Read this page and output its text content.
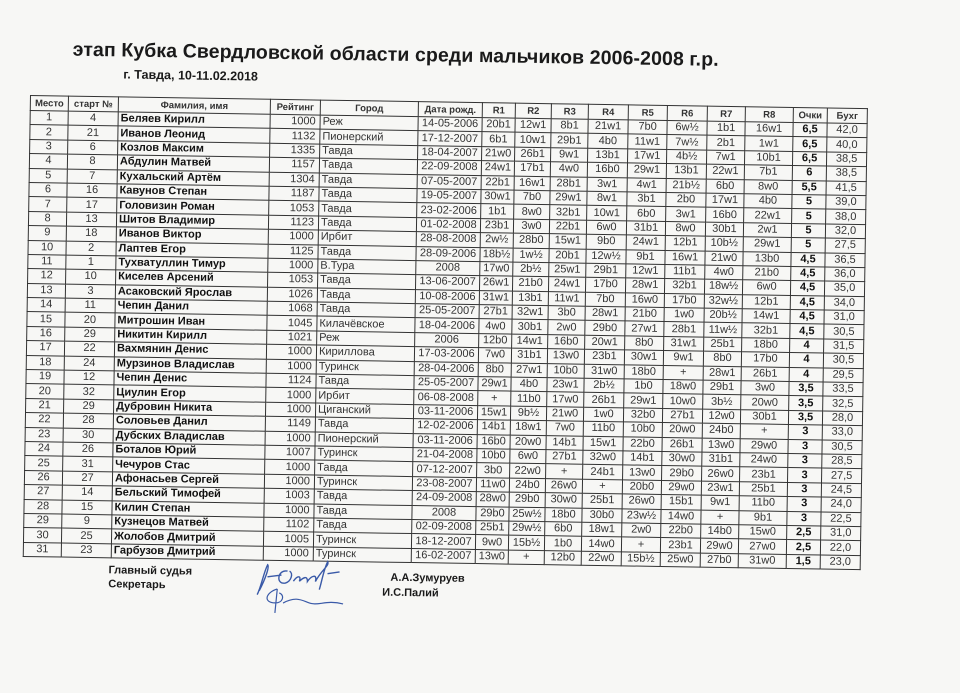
этап Кубка Свердловской области среди мальчиков 2006-2008 г.р.
г. Тавда, 10-11.02.2018
Место	старт №	Фамилия, имя	Рейтинг	Город	Дата рожд.	R1	R2	R3	R4	R5	R6	R7	R8	Очки	Бухг
1	4	Беляев Кирилл	1000	Реж	14-05-2006	20b1	12w1	8b1	21w1	7b0	6w½	1b1	16w1	6,5	42,0
2	21	Иванов Леонид	1132	Пионерский	17-12-2007	6b1	10w1	29b1	4b0	11w1	7w½	2b1	1w1	6,5	40,0
3	6	Козлов Максим	1335	Тавда	18-04-2007	21w0	26b1	9w1	13b1	17w1	4b½	7w1	10b1	6,5	38,5
4	8	Абдулин Матвей	1157	Тавда	22-09-2008	24w1	17b1	4w0	16b0	29w1	13b1	22w1	7b1	6	38,5
5	7	Кухальский Артём	1304	Тавда	07-05-2007	22b1	16w1	28b1	3w1	4w1	21b½	6b0	8w0	5,5	41,5
6	16	Кавунов Степан	1187	Тавда	19-05-2007	30w1	7b0	29w1	8w1	3b1	2b0	17w1	4b0	5	39,0
7	17	Головизин Роман	1053	Тавда	23-02-2006	1b1	8w0	32b1	10w1	6b0	3w1	16b0	22w1	5	38,0
8	13	Шитов Владимир	1123	Тавда	01-02-2008	23b1	3w0	22b1	6w0	31b1	8w0	30b1	2w1	5	32,0
9	18	Иванов Виктор	1000	Ирбит	28-08-2008	2w½	28b0	15w1	9b0	24w1	12b1	10b½	29w1	5	27,5
10	2	Лаптев Егор	1125	Тавда	28-09-2006	18b½	1w½	20b1	12w½	9b1	16w1	21w0	13b0	4,5	36,5
11	1	Тухватуллин Тимур	1000	В.Тура	2008	17w0	2b½	25w1	29b1	12w1	11b1	4w0	21b0	4,5	36,0
12	10	Киселев Арсений	1053	Тавда	13-06-2007	26w1	21b0	24w1	17b0	28w1	32b1	18w½	6w0	4,5	35,0
13	3	Асаковский Ярослав	1026	Тавда	10-08-2006	31w1	13b1	11w1	7b0	16w0	17b0	32w½	12b1	4,5	34,0
14	11	Чепин Данил	1068	Тавда	25-05-2007	27b1	32w1	3b0	28w1	21b0	1w0	20b½	14w1	4,5	31,0
15	20	Митрошин Иван	1045	Килачёвское	18-04-2006	4w0	30b1	2w0	29b0	27w1	28b1	11w½	32b1	4,5	30,5
16	29	Никитин Кирилл	1021	Реж	2006	12b0	14w1	16b0	20w1	8b0	31w1	25b1	18b0	4	31,5
17	22	Вахмянин Денис	1000	Кириллова	17-03-2006	7w0	31b1	13w0	23b1	30w1	9w1	8b0	17b0	4	30,5
18	24	Мурзинов Владислав	1000	Туринск	28-04-2006	8b0	27w1	10b0	31w0	18b0	+	28w1	26b1	4	29,5
19	12	Чепин Денис	1124	Тавда	25-05-2007	29w1	4b0	23w1	2b½	1b0	18w0	29b1	3w0	3,5	33,5
20	32	Циулин Егор	1000	Ирбит	06-08-2008	+	11b0	17w0	26b1	29w1	10w0	3b½	20w0	3,5	32,5
21	29	Дубровин Никита	1000	Циганский	03-11-2006	15w1	9b½	21w0	1w0	32b0	27b1	12w0	30b1	3,5	28,0
22	28	Соловьев Данил	1149	Тавда	12-02-2006	14b1	18w1	7w0	11b0	10b0	20w0	24b0	+	3	33,0
23	30	Дубских Владислав	1000	Пионерский	03-11-2006	16b0	20w0	14b1	15w1	22b0	26b1	13w0	29w0	3	30,5
24	26	Боталов Юрий	1007	Туринск	21-04-2008	10b0	6w0	27b1	32w0	14b1	30w0	31b1	24w0	3	28,5
25	31	Чечуров Стас	1000	Тавда	07-12-2007	3b0	22w0	+	24b1	13w0	29b0	26w0	23b1	3	27,5
26	27	Афонасьев Сергей	1000	Туринск	23-08-2007	11w0	24b0	26w0	+	20b0	29w0	23w1	25b1	3	24,5
27	14	Бельский Тимофей	1003	Тавда	24-09-2008	28w0	29b0	30w0	25b1	26w0	15b1	9w1	11b0	3	24,0
28	15	Килин Степан	1000	Тавда	2008	29b0	25w½	18b0	30b0	23w½	14w0	+	9b1	3	22,5
29	9	Кузнецов Матвей	1102	Тавда	02-09-2008	25b1	29w½	6b0	18w1	2w0	22b0	14b0	15w0	2,5	31,0
30	25	Жолобов Дмитрий	1005	Туринск	18-12-2007	9w0	15b½	1b0	14w0	+	23b1	29w0	27w0	2,5	22,0
31	23	Гарбузов Дмитрий	1000	Туринск	16-02-2007	13w0	+	12b0	22w0	15b½	25w0	27b0	31w0	1,5	23,0
Главный судья
Секретарь	А.А.Зумуруев
И.С.Палий
